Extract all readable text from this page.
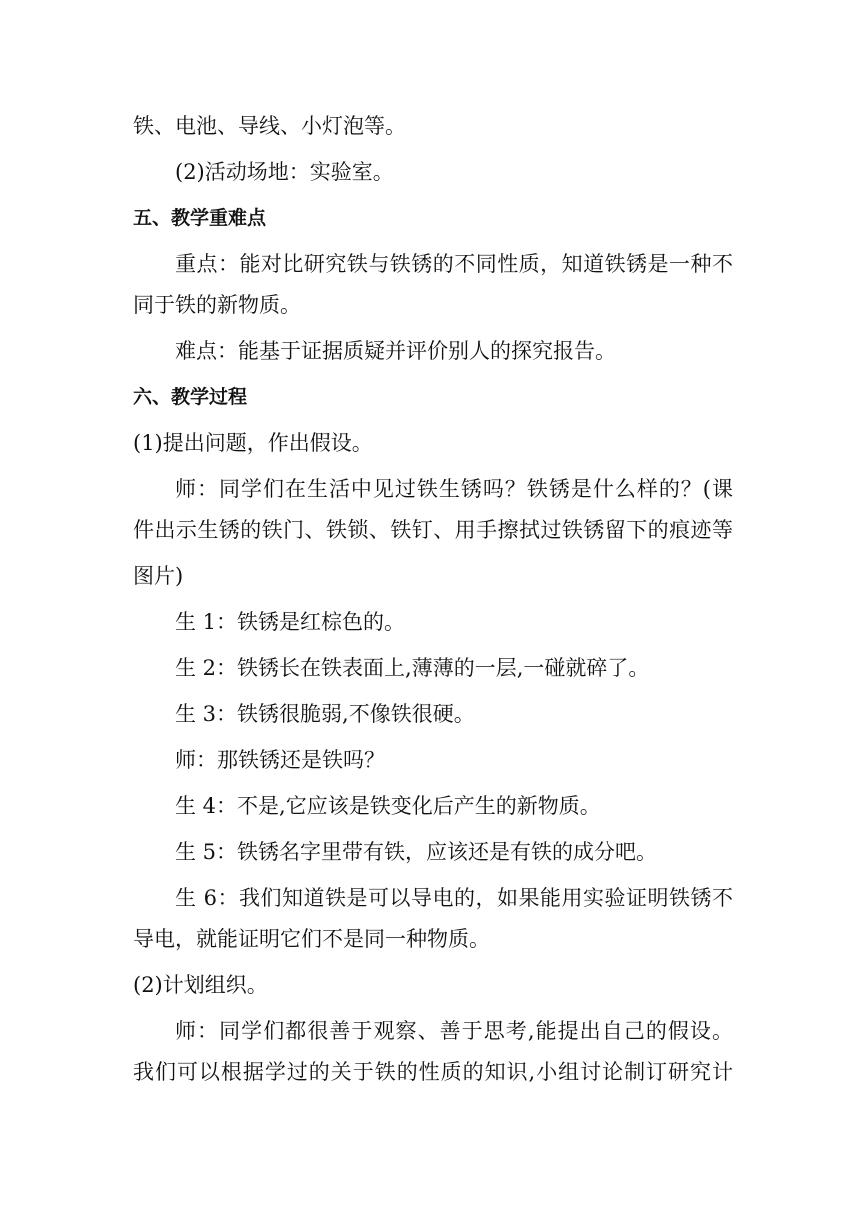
铁、电池、导线、小灯泡等。
(2)活动场地：实验室。
五、教学重难点
重点：能对比研究铁与铁锈的不同性质，知道铁锈是一种不
同于铁的新物质。
难点：能基于证据质疑并评价别人的探究报告。
六、教学过程
(1)提出问题，作出假设。
师：同学们在生活中见过铁生锈吗？铁锈是什么样的？(课
件出示生锈的铁门、铁锁、铁钉、用手擦拭过铁锈留下的痕迹等
图片)
生 1：铁锈是红棕色的。
生 2：铁锈长在铁表面上,薄薄的一层,一碰就碎了。
生 3：铁锈很脆弱,不像铁很硬。
师：那铁锈还是铁吗？
生 4：不是,它应该是铁变化后产生的新物质。
生 5：铁锈名字里带有铁，应该还是有铁的成分吧。
生 6：我们知道铁是可以导电的，如果能用实验证明铁锈不
导电，就能证明它们不是同一种物质。
(2)计划组织。
师：同学们都很善于观察、善于思考,能提出自己的假设。
我们可以根据学过的关于铁的性质的知识,小组讨论制订研究计
